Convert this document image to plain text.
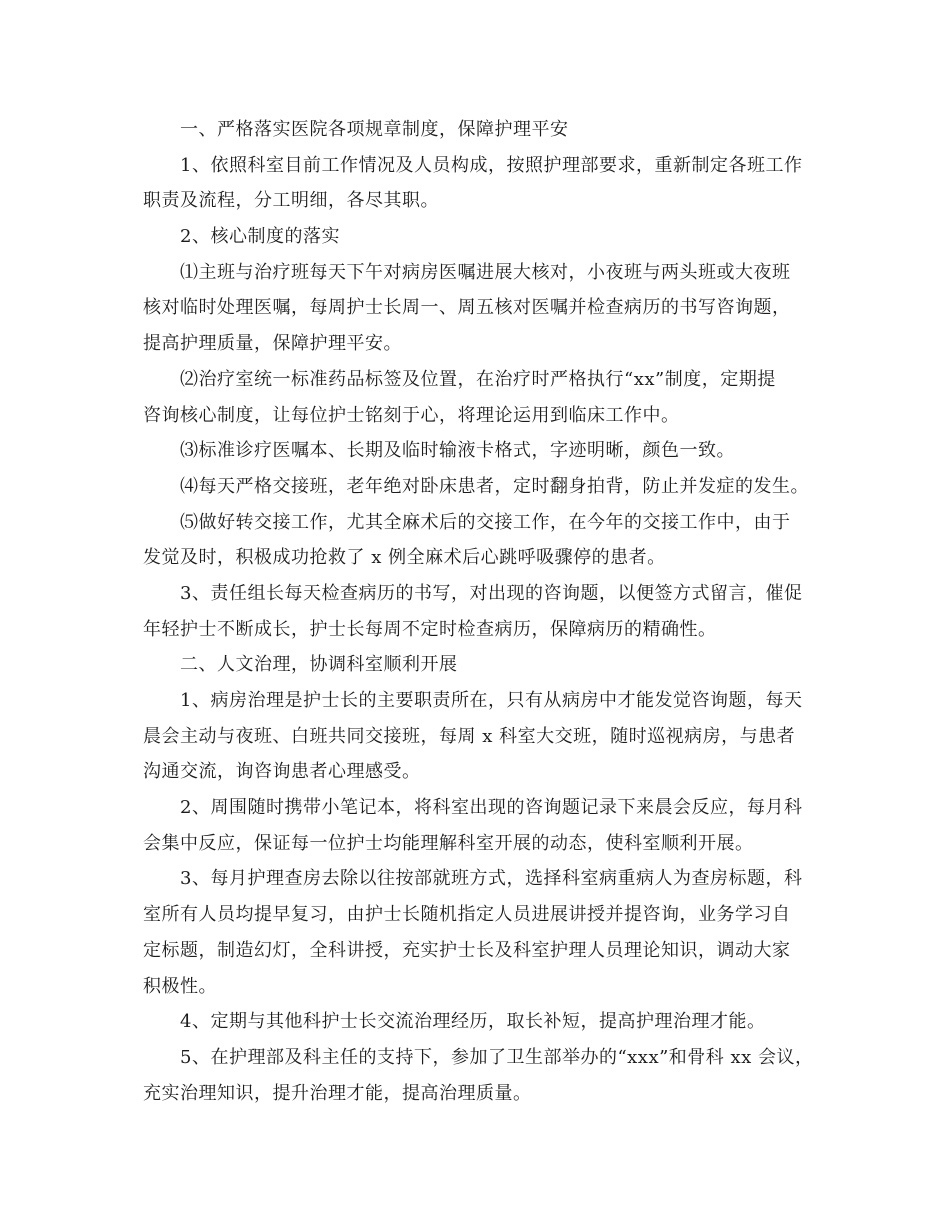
一、严格落实医院各项规章制度，保障护理平安
1、依照科室目前工作情况及人员构成，按照护理部要求，重新制定各班工作
职责及流程，分工明细，各尽其职。
2、核心制度的落实
⑴主班与治疗班每天下午对病房医嘱进展大核对，小夜班与两头班或大夜班
核对临时处理医嘱，每周护士长周一、周五核对医嘱并检查病历的书写咨询题，
提高护理质量，保障护理平安。
⑵治疗室统一标准药品标签及位置，在治疗时严格执行“xx”制度，定期提
咨询核心制度，让每位护士铭刻于心，将理论运用到临床工作中。
⑶标准诊疗医嘱本、长期及临时输液卡格式，字迹明晰，颜色一致。
⑷每天严格交接班，老年绝对卧床患者，定时翻身拍背，防止并发症的发生。
⑸做好转交接工作，尤其全麻术后的交接工作，在今年的交接工作中，由于
发觉及时，积极成功抢救了 x 例全麻术后心跳呼吸骤停的患者。
3、责任组长每天检查病历的书写，对出现的咨询题，以便签方式留言，催促
年轻护士不断成长，护士长每周不定时检查病历，保障病历的精确性。
二、人文治理，协调科室顺利开展
1、病房治理是护士长的主要职责所在，只有从病房中才能发觉咨询题，每天
晨会主动与夜班、白班共同交接班，每周 x 科室大交班，随时巡视病房，与患者
沟通交流，询咨询患者心理感受。
2、周围随时携带小笔记本，将科室出现的咨询题记录下来晨会反应，每月科
会集中反应，保证每一位护士均能理解科室开展的动态，使科室顺利开展。
3、每月护理查房去除以往按部就班方式，选择科室病重病人为查房标题，科
室所有人员均提早复习，由护士长随机指定人员进展讲授并提咨询，业务学习自
定标题，制造幻灯，全科讲授，充实护士长及科室护理人员理论知识，调动大家
积极性。
4、定期与其他科护士长交流治理经历，取长补短，提高护理治理才能。
5、在护理部及科主任的支持下，参加了卫生部举办的“xxx”和骨科 xx 会议，
充实治理知识，提升治理才能，提高治理质量。
